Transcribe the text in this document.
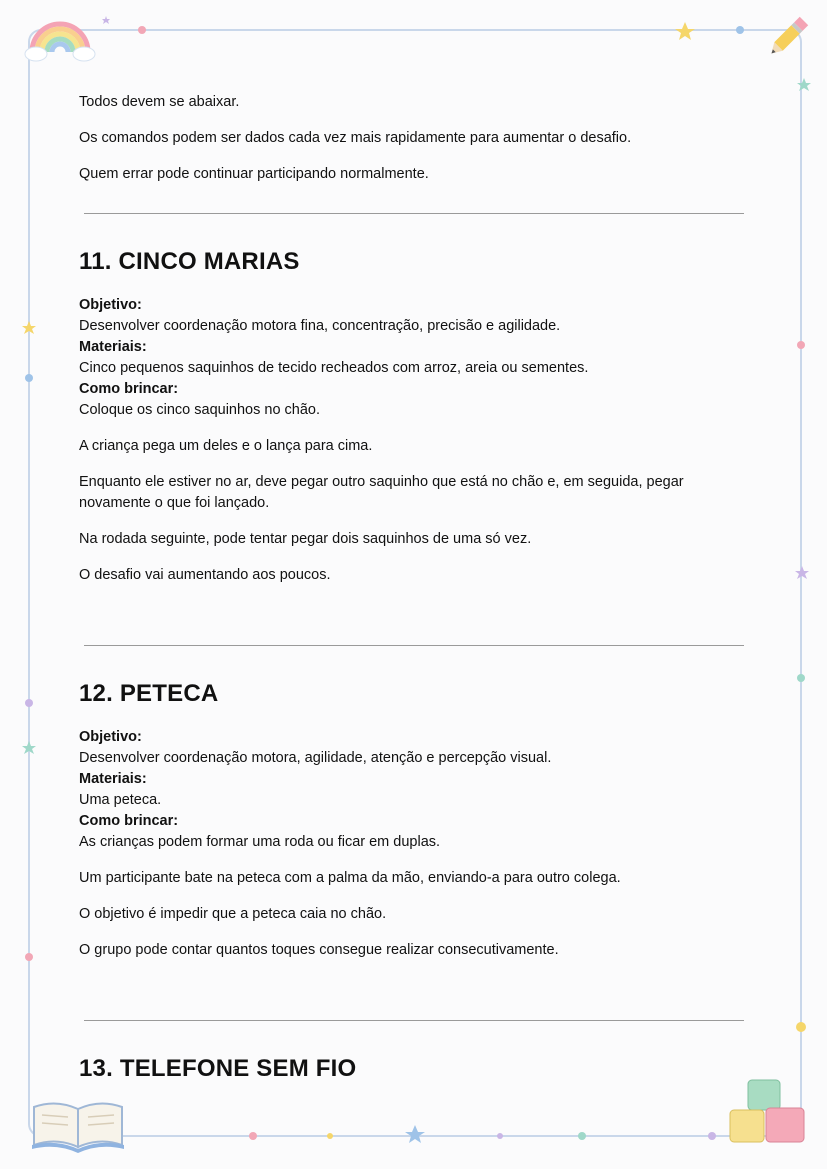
Todos devem se abaixar.

Os comandos podem ser dados cada vez mais rapidamente para aumentar o desafio.

Quem errar pode continuar participando normalmente.

11. CINCO MARIAS

Objetivo:

Desenvolver coordenação motora fina, concentração, precisão e agilidade.

Materiais:

Cinco pequenos saquinhos de tecido recheados com arroz, areia ou sementes.

Como brincar:

Coloque os cinco saquinhos no chão.

A criança pega um deles e o lança para cima.

Enquanto ele estiver no ar, deve pegar outro saquinho que está no chão e, em seguida, pegar novamente o que foi lançado.

Na rodada seguinte, pode tentar pegar dois saquinhos de uma só vez.

O desafio vai aumentando aos poucos.

12. PETECA

Objetivo:

Desenvolver coordenação motora, agilidade, atenção e percepção visual.

Materiais:

Uma peteca.

Como brincar:

As crianças podem formar uma roda ou ficar em duplas.

Um participante bate na peteca com a palma da mão, enviando-a para outro colega.

O objetivo é impedir que a peteca caia no chão.

O grupo pode contar quantos toques consegue realizar consecutivamente.

13. TELEFONE SEM FIO
